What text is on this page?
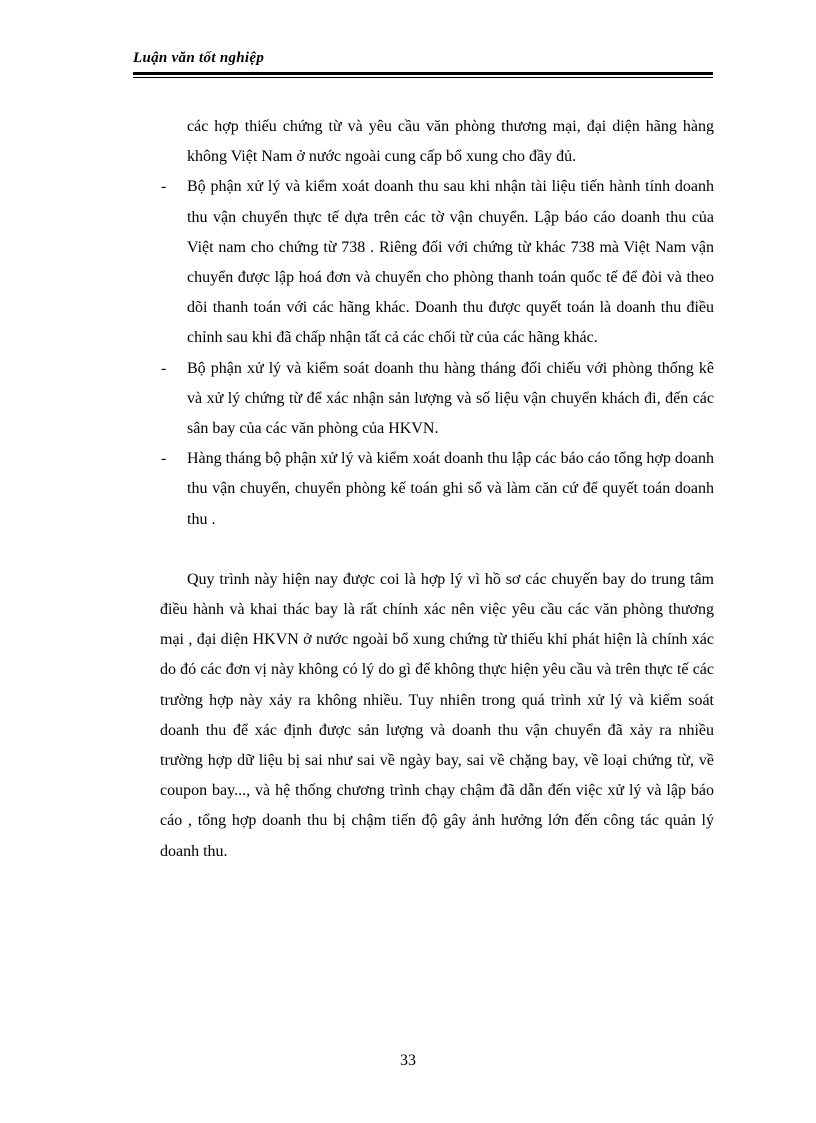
Luận văn tốt nghiệp

các hợp thiếu chứng từ và yêu cầu văn phòng thương mại, đại diện hãng hàng không Việt Nam ở nước ngoài cung cấp bổ xung cho đầy đủ.

- Bộ phận xử lý và kiểm xoát doanh thu sau khi nhận tài liệu tiến hành tính doanh thu vận chuyển thực tế dựa trên các tờ vận chuyển. Lập báo cáo doanh thu của Việt nam cho chứng từ 738 . Riêng đối với chứng từ khác 738 mà Việt Nam vận chuyển được lập hoá đơn và chuyển cho phòng thanh toán quốc tế để đòi và theo dõi thanh toán với các hãng khác. Doanh thu được quyết toán là doanh thu điều chỉnh sau khi đã chấp nhận tất cả các chối từ của các hãng khác.
- Bộ phận xử lý và kiểm soát doanh thu hàng tháng đối chiếu với phòng thống kê và xử lý chứng từ để xác nhận sản lượng và số liệu vận chuyển khách đi, đến các sân bay của các văn phòng của HKVN.
- Hàng tháng bộ phận xử lý và kiểm xoát doanh thu lập các báo cáo tổng hợp doanh thu vận chuyển, chuyển phòng kế toán ghi sổ và làm căn cứ để quyết toán doanh thu .

Quy trình này hiện nay được coi là hợp lý vì hồ sơ các chuyến bay do trung tâm điều hành và khai thác bay là rất chính xác nên việc yêu cầu các văn phòng thương mại , đại diện HKVN ở nước ngoài bổ xung chứng từ thiếu khi phát hiện là chính xác do đó các đơn vị này không có lý do gì để không thực hiện yêu cầu và trên thực tế các trường hợp này xảy ra không nhiều. Tuy nhiên trong quá trình xử lý và kiểm soát doanh thu để xác định được sản lượng và doanh thu vận chuyển đã xảy ra nhiều trường hợp dữ liệu bị sai như sai về ngày bay, sai về chặng bay, về loại chứng từ, về coupon bay..., và hệ thống chương trình chạy chậm đã dẫn đến việc xử lý và lập báo cáo , tổng hợp doanh thu bị chậm tiến độ gây ảnh hưởng lớn đến công tác quản lý doanh thu.

33
